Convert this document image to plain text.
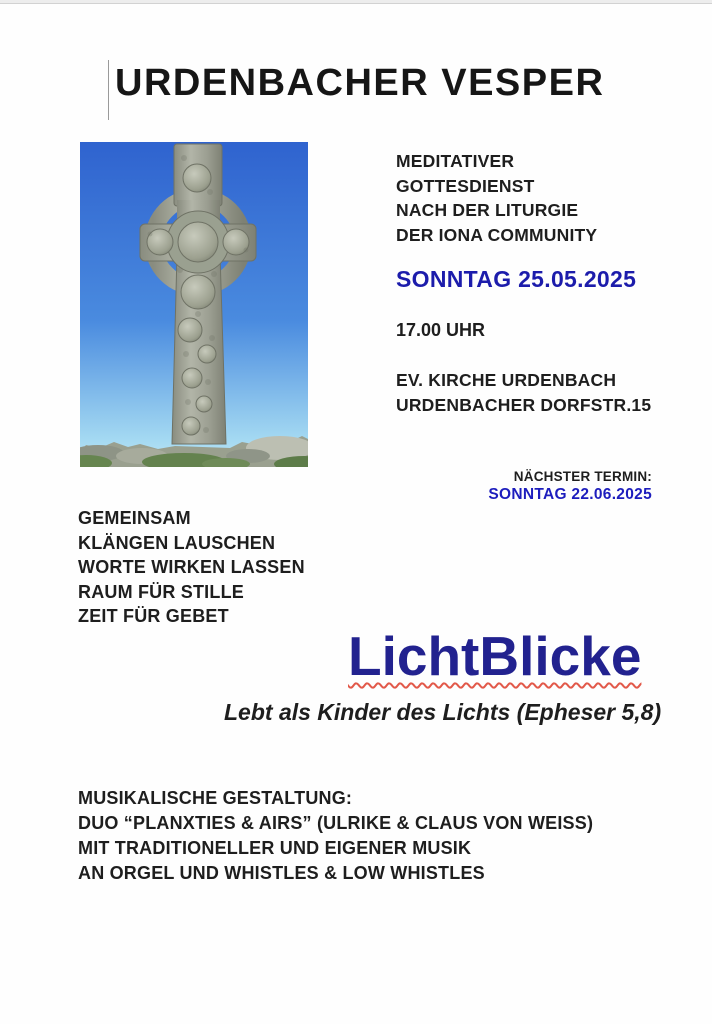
URDENBACHER VESPER
MEDITATIVER
GOTTESDIENST
NACH DER LITURGIE
DER IONA COMMUNITY
SONNTAG 25.05.2025
17.00 UHR
EV. KIRCHE URDENBACH
URDENBACHER DORFSTR.15
NÄCHSTER TERMIN:
SONNTAG 22.06.2025
GEMEINSAM
KLÄNGEN LAUSCHEN
WORTE WIRKEN LASSEN
RAUM FÜR STILLE
ZEIT FÜR GEBET
LichtBlicke
Lebt als Kinder des Lichts (Epheser 5,8)
MUSIKALISCHE GESTALTUNG:
DUO “PLANXTIES & AIRS” (ULRIKE & CLAUS VON WEISS)
MIT TRADITIONELLER UND EIGENER MUSIK
AN ORGEL UND WHISTLES & LOW WHISTLES
